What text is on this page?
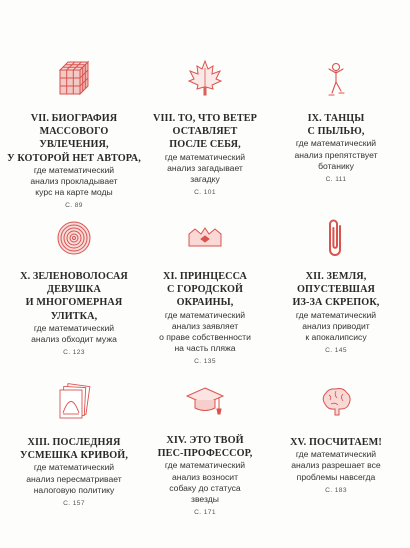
VII. БИОГРАФИЯ
МАССОВОГО
УВЛЕЧЕНИЯ,
У КОТОРОЙ НЕТ АВТОРА,
где математический
анализ прокладывает
курс на карте моды
С. 89
VIII. ТО, ЧТО ВЕТЕР
ОСТАВЛЯЕТ
ПОСЛЕ СЕБЯ,
где математический
анализ загадывает
загадку
С. 101
IX. ТАНЦЫ
С ПЫЛЬЮ,
где математический
анализ препятствует
ботанику
С. 111
X. ЗЕЛЕНОВОЛОСАЯ
ДЕВУШКА
И МНОГОМЕРНАЯ
УЛИТКА,
где математический
анализ обходит мужа
С. 123
XI. ПРИНЦЕССА
С ГОРОДСКОЙ
ОКРАИНЫ,
где математический
анализ заявляет
о праве собственности
на часть пляжа
С. 135
XII. ЗЕМЛЯ,
ОПУСТЕВШАЯ
ИЗ-ЗА СКРЕПОК,
где математический
анализ приводит
к апокалипсису
С. 145
XIII. ПОСЛЕДНЯЯ
УСМЕШКА КРИВОЙ,
где математический
анализ пересматривает
налоговую политику
С. 157
XIV. ЭТО ТВОЙ
ПЕС-ПРОФЕССОР,
где математический
анализ возносит
собаку до статуса
звезды
С. 171
XV. ПОСЧИТАЕМ!
где математический
анализ разрешает все
проблемы навсегда
С. 183
